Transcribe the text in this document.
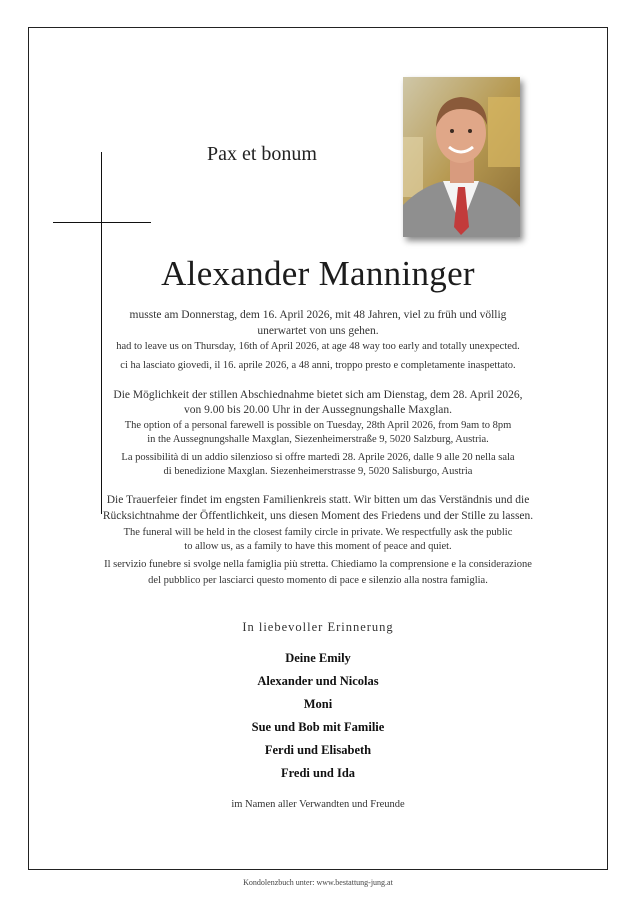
Pax et bonum
Alexander Manninger
musste am Donnerstag, dem 16. April 2026, mit 48 Jahren, viel zu früh und völlig
unerwartet von uns gehen.
had to leave us on Thursday, 16th of April 2026, at age 48 way too early and totally unexpected.
ci ha lasciato giovedì, il 16. aprile 2026, a 48 anni, troppo presto e completamente inaspettato.
Die Möglichkeit der stillen Abschiednahme bietet sich am Dienstag, dem 28. April 2026,
von 9.00 bis 20.00 Uhr in der Aussegnungshalle Maxglan.
The option of a personal farewell is possible on Tuesday, 28th April 2026, from 9am to 8pm
in the Aussegnungshalle Maxglan, Siezenheimerstraße 9, 5020 Salzburg, Austria.
La possibilità di un addio silenzioso si offre martedì 28. Aprile 2026, dalle 9 alle 20 nella sala
di benedizione Maxglan. Siezenheimerstrasse 9, 5020 Salisburgo, Austria
Die Trauerfeier findet im engsten Familienkreis statt. Wir bitten um das Verständnis und die
Rücksichtnahme der Öffentlichkeit, uns diesen Moment des Friedens und der Stille zu lassen.
The funeral will be held in the closest family circle in private. We respectfully ask the public
to allow us, as a family to have this moment of peace and quiet.
Il servizio funebre si svolge nella famiglia più stretta. Chiediamo la comprensione e la considerazione
del pubblico per lasciarci questo momento di pace e silenzio alla nostra famiglia.
In liebevoller Erinnerung
Deine Emily
Alexander und Nicolas
Moni
Sue und Bob mit Familie
Ferdi und Elisabeth
Fredi und Ida
im Namen aller Verwandten und Freunde
Kondolenzbuch unter: www.bestattung-jung.at
